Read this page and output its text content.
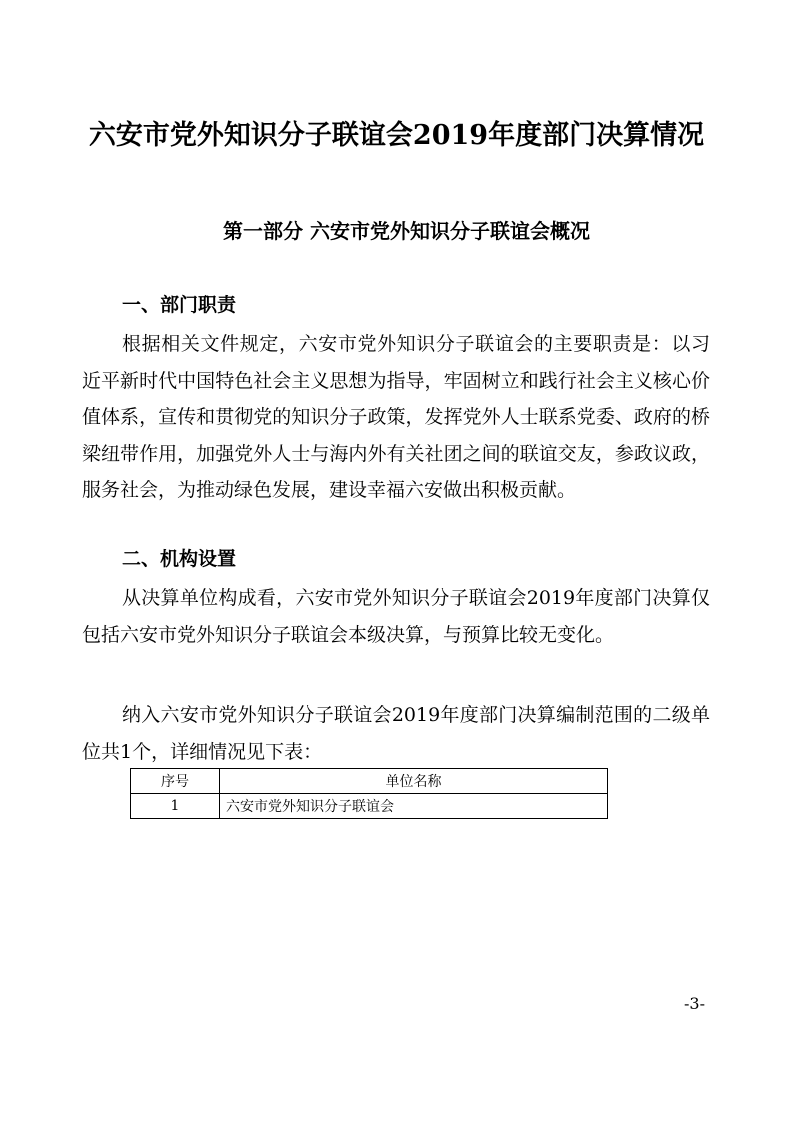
六安市党外知识分子联谊会2019年度部门决算情况
第一部分 六安市党外知识分子联谊会概况
一、部门职责
根据相关文件规定，六安市党外知识分子联谊会的主要职责是：以习近平新时代中国特色社会主义思想为指导，牢固树立和践行社会主义核心价值体系，宣传和贯彻党的知识分子政策，发挥党外人士联系党委、政府的桥梁纽带作用，加强党外人士与海内外有关社团之间的联谊交友，参政议政，服务社会，为推动绿色发展，建设幸福六安做出积极贡献。
二、机构设置
从决算单位构成看，六安市党外知识分子联谊会2019年度部门决算仅包括六安市党外知识分子联谊会本级决算，与预算比较无变化。
纳入六安市党外知识分子联谊会2019年度部门决算编制范围的二级单位共1个，详细情况见下表：
序号	单位名称
1	六安市党外知识分子联谊会
-3-
